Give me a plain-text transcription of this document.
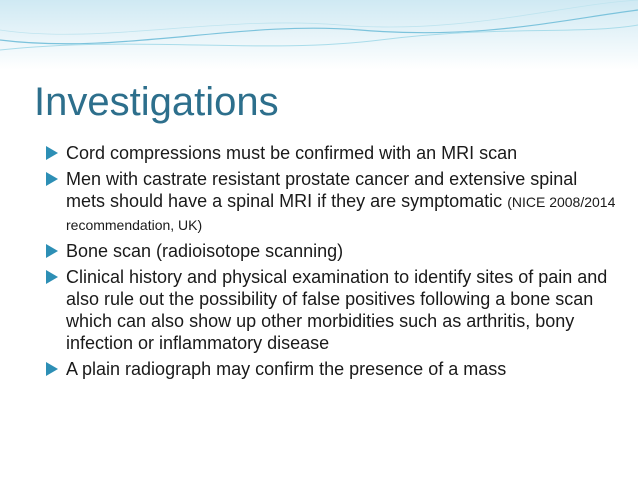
Investigations
Cord compressions must be confirmed with an MRI scan
Men with castrate resistant prostate cancer and extensive spinal mets should have a spinal MRI if they are symptomatic (NICE 2008/2014 recommendation, UK)
Bone scan (radioisotope scanning)
Clinical history and physical examination to identify sites of pain and also rule out the possibility of false positives following a bone scan which can also show up other morbidities such as arthritis, bony infection or inflammatory disease
A plain radiograph may confirm the presence of a mass
